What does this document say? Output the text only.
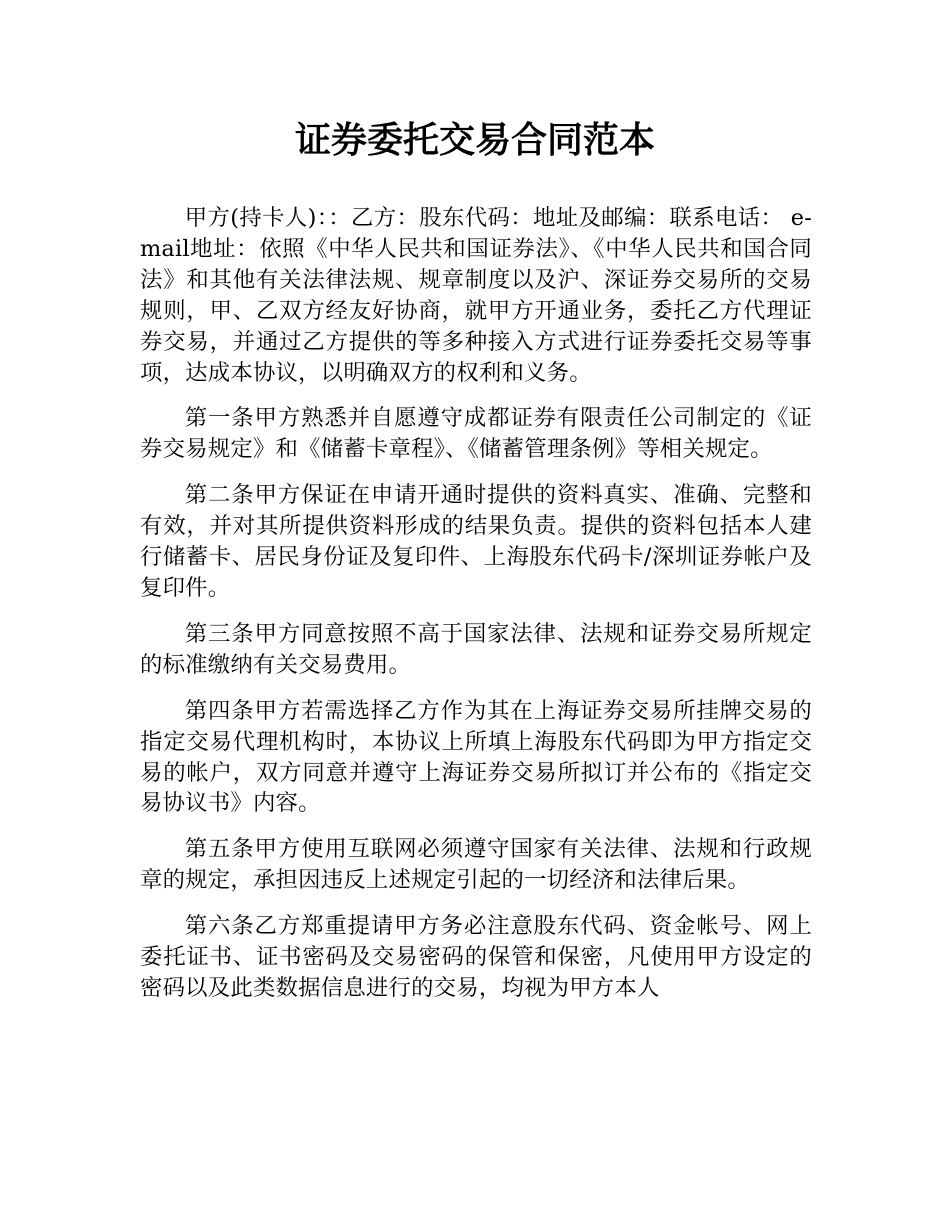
证券委托交易合同范本

甲方(持卡人)：：乙方：股东代码：地址及邮编：联系电话： e-mail地址：依照《中华人民共和国证券法》、《中华人民共和国合同法》和其他有关法律法规、规章制度以及沪、深证券交易所的交易规则，甲、乙双方经友好协商，就甲方开通业务，委托乙方代理证券交易，并通过乙方提供的等多种接入方式进行证券委托交易等事项，达成本协议，以明确双方的权利和义务。

第一条甲方熟悉并自愿遵守成都证券有限责任公司制定的《证券交易规定》和《储蓄卡章程》、《储蓄管理条例》等相关规定。

第二条甲方保证在申请开通时提供的资料真实、准确、完整和有效，并对其所提供资料形成的结果负责。提供的资料包括本人建行储蓄卡、居民身份证及复印件、上海股东代码卡/深圳证券帐户及复印件。

第三条甲方同意按照不高于国家法律、法规和证券交易所规定的标准缴纳有关交易费用。

第四条甲方若需选择乙方作为其在上海证券交易所挂牌交易的指定交易代理机构时，本协议上所填上海股东代码即为甲方指定交易的帐户，双方同意并遵守上海证券交易所拟订并公布的《指定交易协议书》内容。

第五条甲方使用互联网必须遵守国家有关法律、法规和行政规章的规定，承担因违反上述规定引起的一切经济和法律后果。

第六条乙方郑重提请甲方务必注意股东代码、资金帐号、网上委托证书、证书密码及交易密码的保管和保密，凡使用甲方设定的密码以及此类数据信息进行的交易，均视为甲方本人
